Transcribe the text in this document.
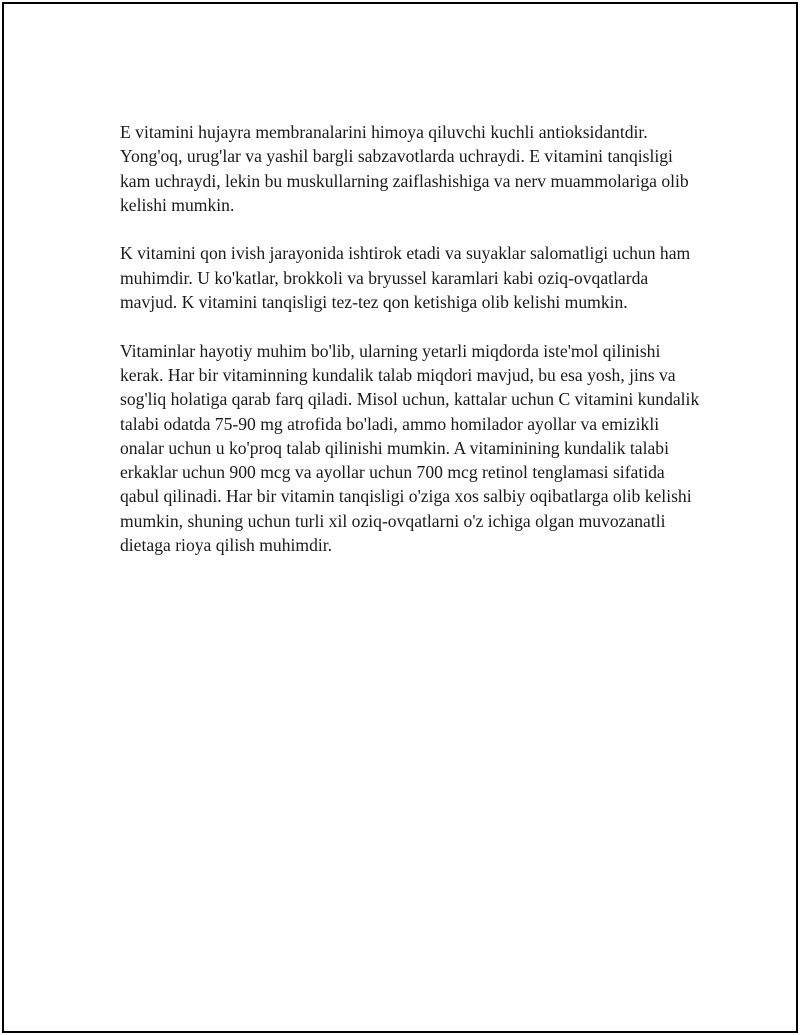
E vitamini hujayra membranalarini himoya qiluvchi kuchli antioksidantdir. Yong'oq, urug'lar va yashil bargli sabzavotlarda uchraydi. E vitamini tanqisligi kam uchraydi, lekin bu muskullarning zaiflashishiga va nerv muammolariga olib kelishi mumkin.

K vitamini qon ivish jarayonida ishtirok etadi va suyaklar salomatligi uchun ham muhimdir. U ko'katlar, brokkoli va bryussel karamlari kabi oziq-ovqatlarda mavjud. K vitamini tanqisligi tez-tez qon ketishiga olib kelishi mumkin.

Vitaminlar hayotiy muhim bo'lib, ularning yetarli miqdorda iste'mol qilinishi kerak. Har bir vitaminning kundalik talab miqdori mavjud, bu esa yosh, jins va sog'liq holatiga qarab farq qiladi. Misol uchun, kattalar uchun C vitamini kundalik talabi odatda 75-90 mg atrofida bo'ladi, ammo homilador ayollar va emizikli onalar uchun u ko'proq talab qilinishi mumkin. A vitaminining kundalik talabi erkaklar uchun 900 mcg va ayollar uchun 700 mcg retinol tenglamasi sifatida qabul qilinadi. Har bir vitamin tanqisligi o'ziga xos salbiy oqibatlarga olib kelishi mumkin, shuning uchun turli xil oziq-ovqatlarni o'z ichiga olgan muvozanatli dietaga rioya qilish muhimdir.
